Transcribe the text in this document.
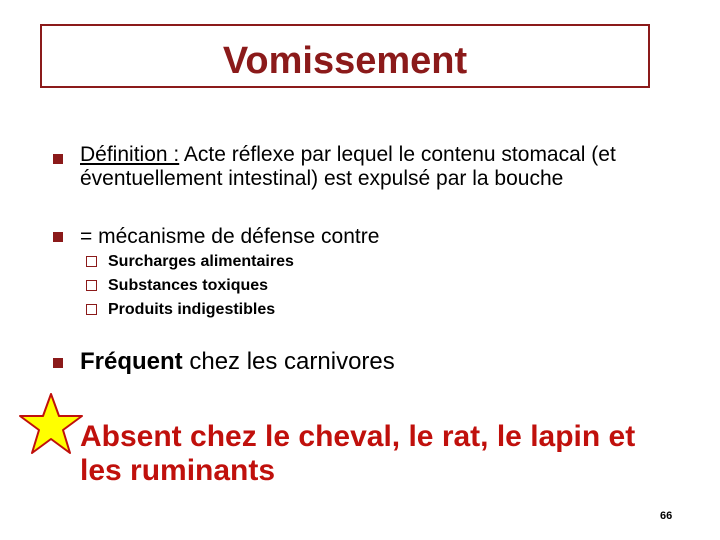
Vomissement
Définition : Acte réflexe par lequel le contenu stomacal (et éventuellement intestinal) est expulsé par la bouche
= mécanisme de défense contre
Surcharges alimentaires
Substances toxiques
Produits indigestibles
Fréquent chez les carnivores
Absent chez le cheval, le rat, le lapin et les ruminants
66
